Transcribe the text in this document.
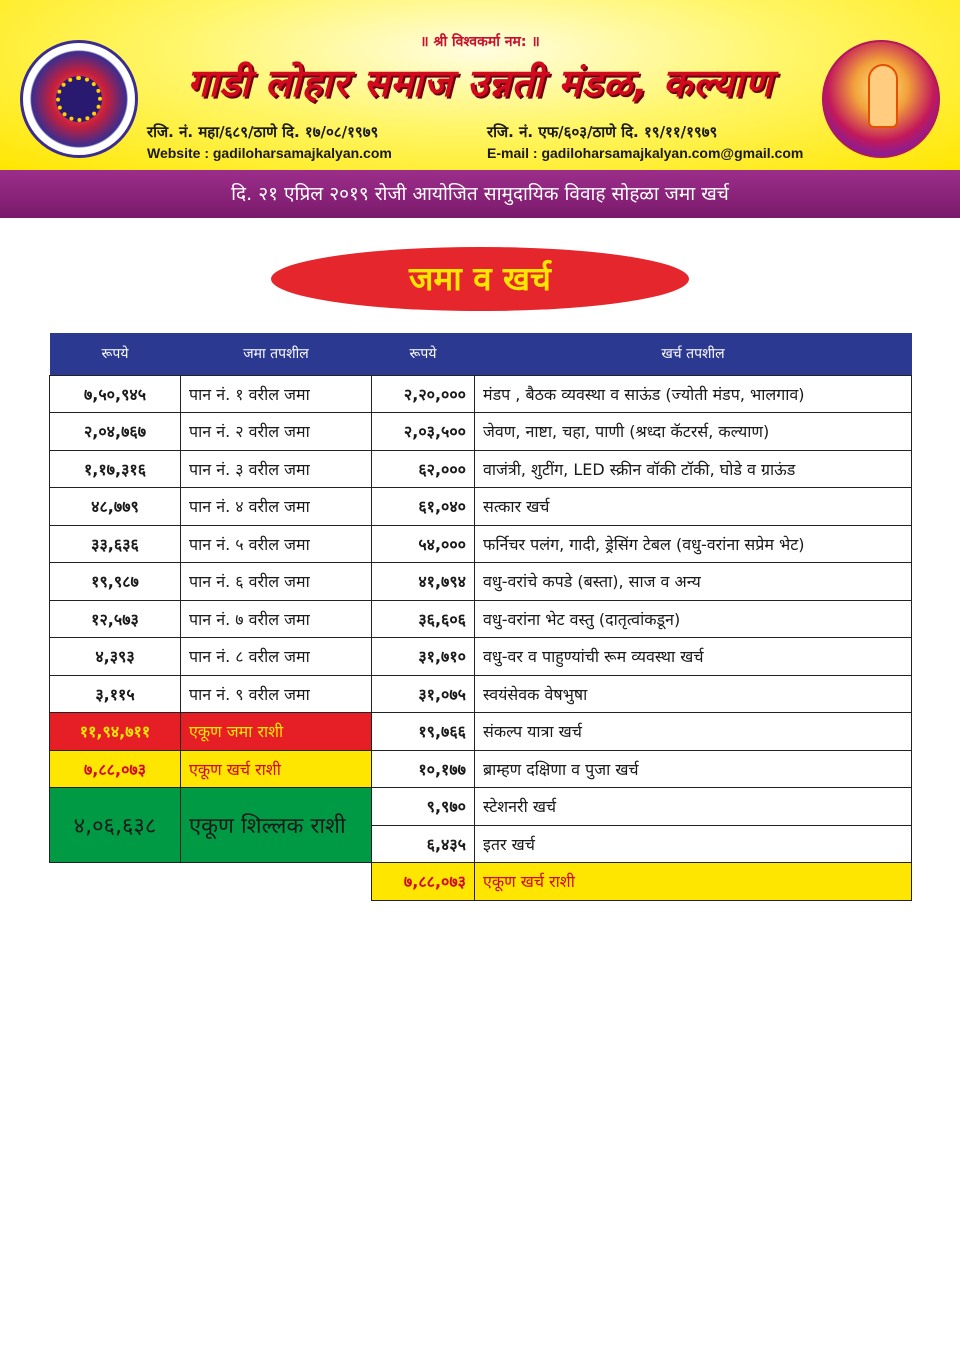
॥ श्री विश्वकर्मा नम: ॥
गाडी लोहार समाज उन्नती मंडळ, कल्याण
रजि. नं. महा/६८९/ठाणे दि. १७/०८/१९७९	रजि. नं. एफ/६०३/ठाणे दि. १९/११/१९७९
Website : gadiloharsamajkalyan.com	E-mail : gadiloharsamajkalyan.com@gmail.com
दि. २१ एप्रिल २०१९ रोजी आयोजित सामुदायिक विवाह सोहळा जमा खर्च
जमा व खर्च
रूपये	जमा तपशील	रूपये	खर्च तपशील

७,५०,९४५	पान नं. १ वरील जमा	२,२०,०००	मंडप , बैठक व्यवस्था व साऊंड (ज्योती मंडप, भालगाव)
२,०४,७६७	पान नं. २ वरील जमा	२,०३,५००	जेवण, नाष्टा, चहा, पाणी (श्रध्दा कॅटरर्स, कल्याण)
१,१७,३१६	पान नं. ३ वरील जमा	६२,०००	वाजंत्री, शुटींग, LED स्क्रीन वॉकी टॉकी, घोडे व ग्राऊंड
४८,७७९	पान नं. ४ वरील जमा	६१,०४०	सत्कार खर्च
३३,६३६	पान नं. ५ वरील जमा	५४,०००	फर्निचर पलंग, गादी, ड्रेसिंग टेबल (वधु-वरांना सप्रेम भेट)
१९,९८७	पान नं. ६ वरील जमा	४१,७९४	वधु-वरांचे कपडे (बस्ता), साज व अन्य
१२,५७३	पान नं. ७ वरील जमा	३६,६०६	वधु-वरांना भेट वस्तु (दातृत्वांकडून)
४,३९३	पान नं. ८ वरील जमा	३१,७१०	वधु-वर व पाहुण्यांची रूम व्यवस्था खर्च
३,११५	पान नं. ९ वरील जमा	३१,०७५	स्वयंसेवक वेषभुषा
११,९४,७११	एकूण जमा राशी	१९,७६६	संकल्प यात्रा खर्च
७,८८,०७३	एकूण खर्च राशी	१०,१७७	ब्राम्हण दक्षिणा व पुजा खर्च
४,०६,६३८	एकूण शिल्लक राशी	९,९७०	स्टेशनरी खर्च
		६,४३५	इतर खर्च
		७,८८,०७३	एकूण खर्च राशी
